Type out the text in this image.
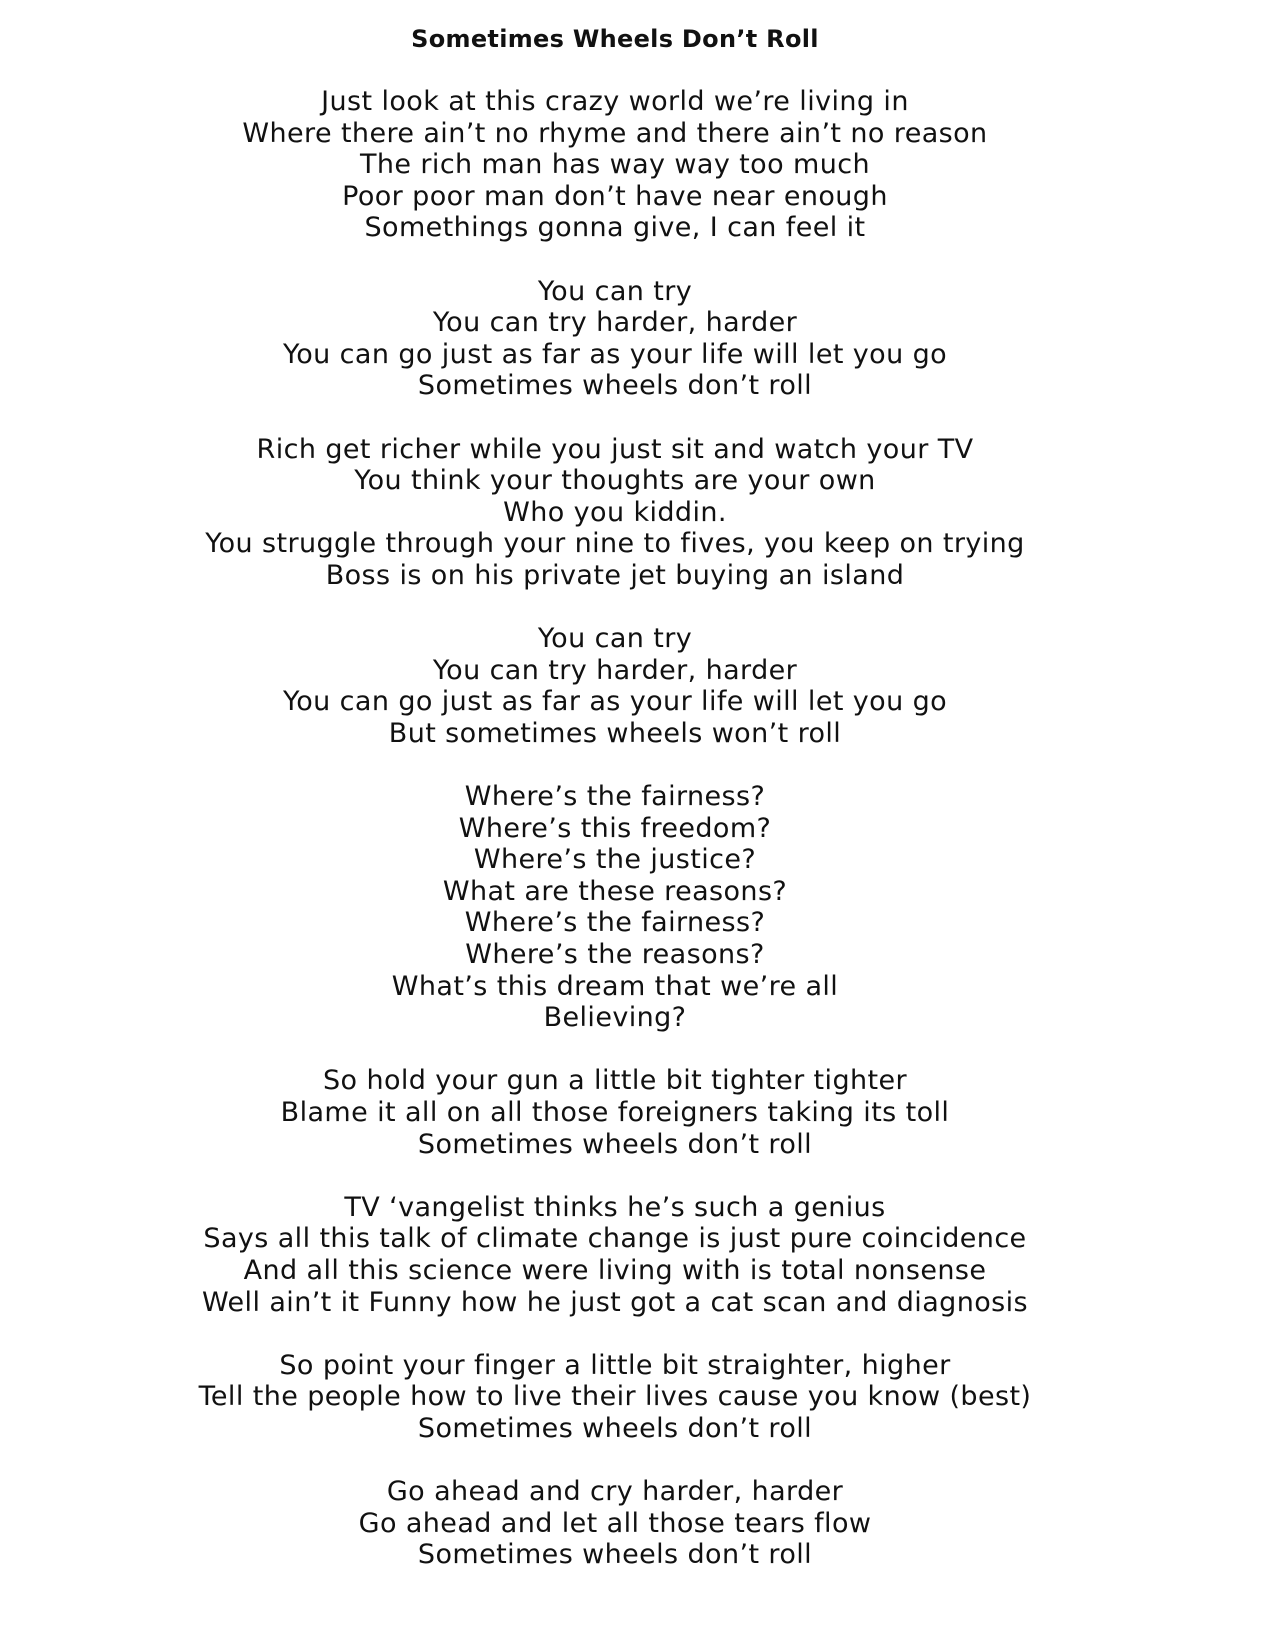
Sometimes Wheels Don’t Roll
Just look at this crazy world we’re living in
Where there ain’t no rhyme and there ain’t no reason
The rich man has way way too much
Poor poor man don’t have near enough
Somethings gonna give, I can feel it
You can try
You can try harder, harder
You can go just as far as your life will let you go
Sometimes wheels don’t roll
Rich get richer while you just sit and watch your TV
You think your thoughts are your own
Who you kiddin.
You struggle through your nine to fives, you keep on trying
Boss is on his private jet buying an island
You can try
You can try harder, harder
You can go just as far as your life will let you go
But sometimes wheels won’t roll
Where’s the fairness?
Where’s this freedom?
Where’s the justice?
What are these reasons?
Where’s the fairness?
Where’s the reasons?
What’s this dream that we’re all
Believing?
So hold your gun a little bit tighter tighter
Blame it all on all those foreigners taking its toll
Sometimes wheels don’t roll
TV ‘vangelist thinks he’s such a genius
Says all this talk of climate change is just pure coincidence
And all this science were living with is total nonsense
Well ain’t it Funny how he just got a cat scan and diagnosis
So point your finger a little bit straighter, higher
Tell the people how to live their lives cause you know (best)
Sometimes wheels don’t roll
Go ahead and cry harder, harder
Go ahead and let all those tears flow
Sometimes wheels don’t roll
